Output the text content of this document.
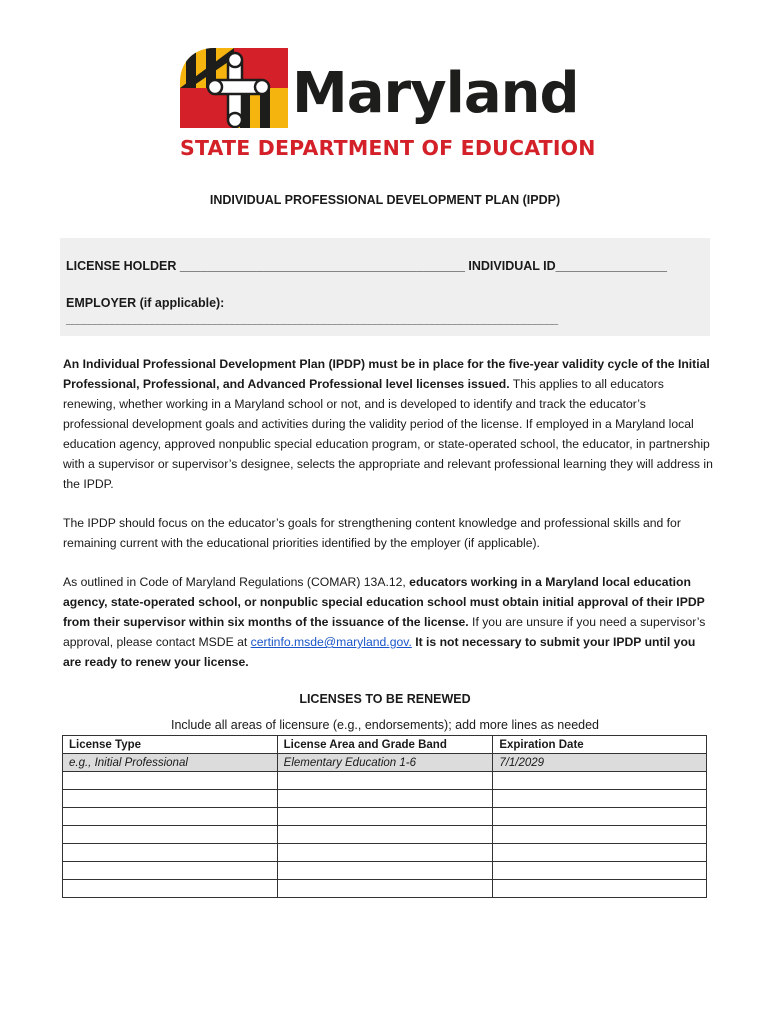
Maryland
STATE DEPARTMENT OF EDUCATION
INDIVIDUAL PROFESSIONAL DEVELOPMENT PLAN (IPDP)
LICENSE HOLDER _________________________________________ INDIVIDUAL ID________________
EMPLOYER (if applicable):
______________________________________________________________________________________
An Individual Professional Development Plan (IPDP) must be in place for the five-year validity cycle of the Initial Professional, Professional, and Advanced Professional level licenses issued. This applies to all educators renewing, whether working in a Maryland school or not, and is developed to identify and track the educator’s professional development goals and activities during the validity period of the license. If employed in a Maryland local education agency, approved nonpublic special education program, or state-operated school, the educator, in partnership with a supervisor or supervisor’s designee, selects the appropriate and relevant professional learning they will address in the IPDP.
The IPDP should focus on the educator’s goals for strengthening content knowledge and professional skills and for remaining current with the educational priorities identified by the employer (if applicable).
As outlined in Code of Maryland Regulations (COMAR) 13A.12, educators working in a Maryland local education agency, state-operated school, or nonpublic special education school must obtain initial approval of their IPDP from their supervisor within six months of the issuance of the license. If you are unsure if you need a supervisor’s approval, please contact MSDE at certinfo.msde@maryland.gov. It is not necessary to submit your IPDP until you are ready to renew your license.
LICENSES TO BE RENEWED
Include all areas of licensure (e.g., endorsements); add more lines as needed
License Type	License Area and Grade Band	Expiration Date
e.g., Initial Professional	Elementary Education 1-6	7/1/2029
